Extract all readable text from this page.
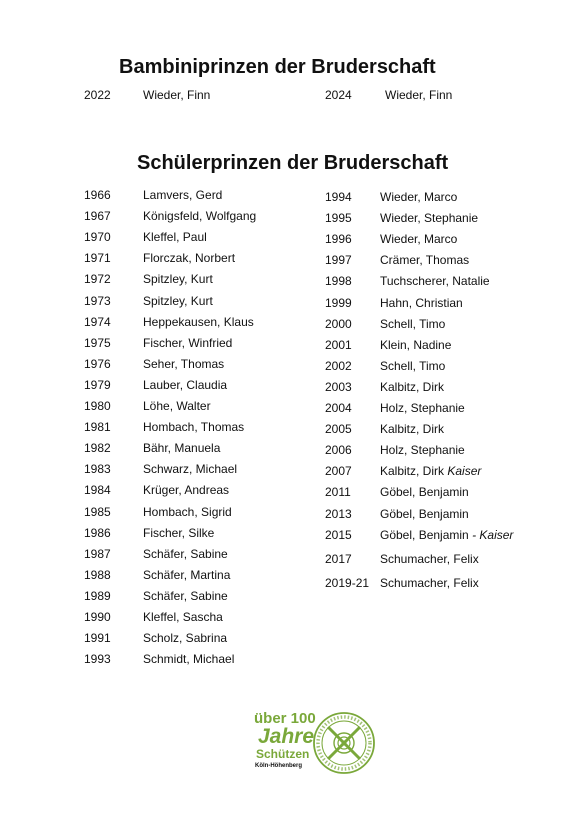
Bambiniprinzen der Bruderschaft
2022	Wieder, Finn	2024	Wieder, Finn
Schülerprinzen der Bruderschaft
1966	Lamvers, Gerd
1967	Königsfeld, Wolfgang
1970	Kleffel, Paul
1971	Florczak, Norbert
1972	Spitzley, Kurt
1973	Spitzley, Kurt
1974	Heppekausen, Klaus
1975	Fischer, Winfried
1976	Seher, Thomas
1979	Lauber, Claudia
1980	Löhe, Walter
1981	Hombach, Thomas
1982	Bähr, Manuela
1983	Schwarz, Michael
1984	Krüger, Andreas
1985	Hombach, Sigrid
1986	Fischer, Silke
1987	Schäfer, Sabine
1988	Schäfer, Martina
1989	Schäfer, Sabine
1990	Kleffel, Sascha
1991	Scholz, Sabrina
1993	Schmidt, Michael
1994 Wieder, Marco
1995 Wieder, Stephanie
1996 Wieder, Marco
1997 Crämer, Thomas
1998 Tuchscherer, Natalie
1999 Hahn, Christian
2000 Schell, Timo
2001 Klein, Nadine
2002 Schell, Timo
2003 Kalbitz, Dirk
2004 Holz, Stephanie
2005 Kalbitz, Dirk
2006 Holz, Stephanie
2007 Kalbitz, Dirk Kaiser
2011 Göbel, Benjamin
2013 Göbel, Benjamin
2015 Göbel, Benjamin - Kaiser
2017 Schumacher, Felix
2019-21 Schumacher, Felix
über 100
Jahre
Schützen
Köln-Höhenberg
